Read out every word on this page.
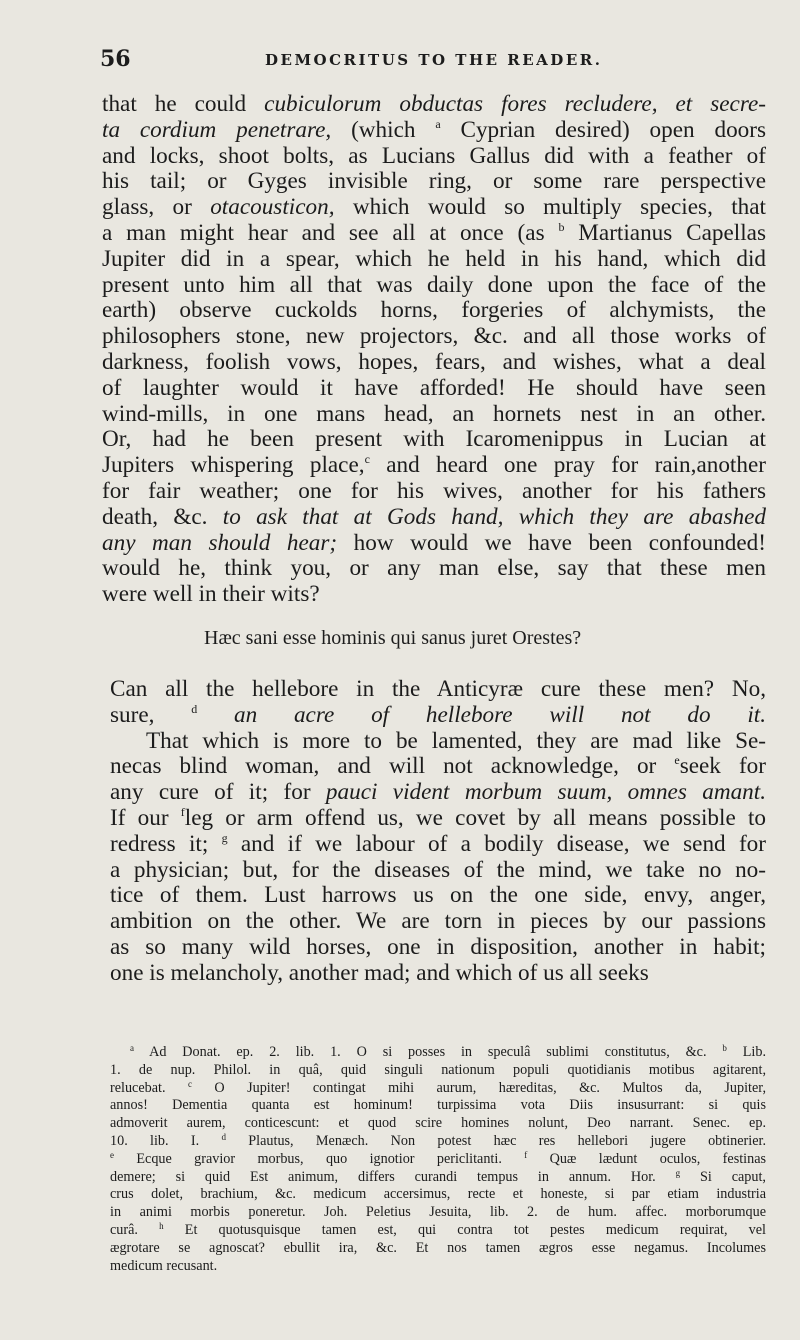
56	DEMOCRITUS TO THE READER.
that he could cubiculorum obductas fores recludere, et secre-
ta cordium penetrare, (which $^a$ Cyprian desired) open doors
and locks, shoot bolts, as Lucians Gallus did with a feather of
his tail; or Gyges invisible ring, or some rare perspective
glass, or otacousticon, which would so multiply species, that
a man might hear and see all at once (as $^b$ Martianus Capellas
Jupiter did in a spear, which he held in his hand, which did
present unto him all that was daily done upon the face of the
earth) observe cuckolds horns, forgeries of alchymists, the
philosophers stone, new projectors, &c. and all those works of
darkness, foolish vows, hopes, fears, and wishes, what a deal
of laughter would it have afforded! He should have seen
wind-mills, in one mans head, an hornets nest in an other.
Or, had he been present with Icaromenippus in Lucian at
Jupiters whispering place,$^c$ and heard one pray for rain,another
for fair weather; one for his wives, another for his fathers
death, &c. to ask that at Gods hand, which they are abashed
any man should hear; how would we have been confounded!
would he, think you, or any man else, say that these men
were well in their wits?
Hæc sani esse hominis qui sanus juret Orestes?
Can all the hellebore in the Anticyræ cure these men? No,
sure, $^d$ an acre of hellebore will not do it.
That which is more to be lamented, they are mad like Se-
necas blind woman, and will not acknowledge, or $^e$seek for
any cure of it; for pauci vident morbum suum, omnes amant.
If our $^f$leg or arm offend us, we covet by all means possible to
redress it; $^g$ and if we labour of a bodily disease, we send for
a physician; but, for the diseases of the mind, we take no no-
tice of them. Lust harrows us on the one side, envy, anger,
ambition on the other. We are torn in pieces by our passions
as so many wild horses, one in disposition, another in habit;
one is melancholy, another mad; and which of us all seeks
$^a$ Ad Donat. ep. 2. lib. 1. O si posses in speculâ sublimi constitutus, &c. $^b$ Lib.
1. de nup. Philol. in quâ, quid singuli nationum populi quotidianis motibus agitarent,
relucebat. $^c$ O Jupiter! contingat mihi aurum, hæreditas, &c. Multos da, Jupiter,
annos! Dementia quanta est hominum! turpissima vota Diis insusurrant: si quis
admoverit aurem, conticescunt: et quod scire homines nolunt, Deo narrant. Senec. ep.
10. lib. I. $^d$ Plautus, Menæch. Non potest hæc res hellebori jugere obtinerier.
$^e$ Ecque gravior morbus, quo ignotior periclitanti. $^f$ Quæ lædunt oculos, festinas
demere; si quid Est animum, differs curandi tempus in annum. Hor. $^g$ Si caput,
crus dolet, brachium, &c. medicum accersimus, recte et honeste, si par etiam industria
in animi morbis poneretur. Joh. Peletius Jesuita, lib. 2. de hum. affec. morborumque
curâ. $^h$ Et quotusquisque tamen est, qui contra tot pestes medicum requirat, vel
ægrotare se agnoscat? ebullit ira, &c. Et nos tamen ægros esse negamus. Incolumes
medicum recusant.
